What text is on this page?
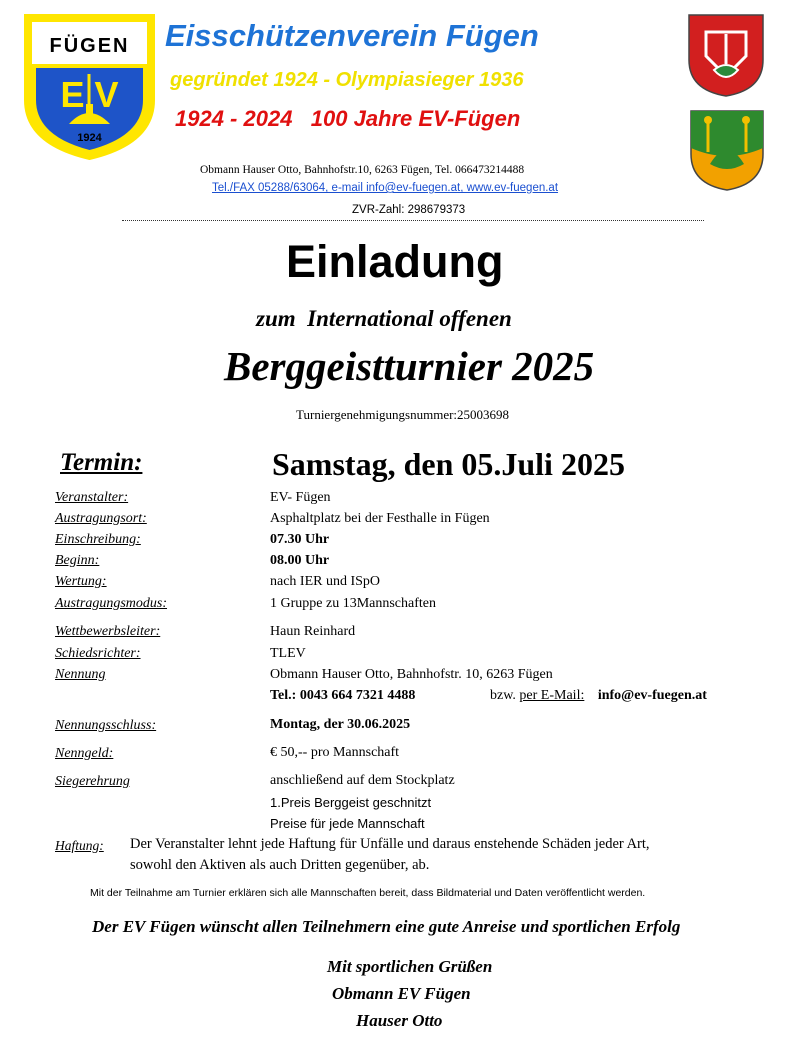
FÜGEN
E V
1924
Eisschützenverein Fügen
gegründet 1924 - Olympiasieger 1936
1924 - 2024   100 Jahre EV-Fügen
Obmann Hauser Otto, Bahnhofstr.10, 6263 Fügen, Tel. 066473214488
Tel./FAX 05288/63064, e-mail info@ev-fuegen.at, www.ev-fuegen.at
ZVR-Zahl: 298679373
Einladung
zum  International offenen
Berggeistturnier 2025
Turniergenehmigungsnummer:25003698
Termin:	Samstag, den 05.Juli 2025
Veranstalter:	EV- Fügen
Austragungsort:	Asphaltplatz bei der Festhalle in Fügen
Einschreibung:	07.30 Uhr
Beginn:	08.00 Uhr
Wertung:	nach IER und ISpO
Austragungsmodus:	1 Gruppe zu 13Mannschaften
Wettbewerbsleiter:	Haun Reinhard
Schiedsrichter:	TLEV
Nennung	Obmann Hauser Otto, Bahnhofstr. 10, 6263 Fügen
Tel.: 0043 664 7321 4488	bzw. per E-Mail: info@ev-fuegen.at
Nennungsschluss:	Montag, der 30.06.2025
Nenngeld:	€ 50,-- pro Mannschaft
Siegerehrung	anschließend auf dem Stockplatz
1.Preis Berggeist geschnitzt
Preise für jede Mannschaft
Haftung: Der Veranstalter lehnt jede Haftung für Unfälle und daraus enstehende Schäden jeder Art,
sowohl den Aktiven als auch Dritten gegenüber, ab.
Mit der Teilnahme am Turnier erklären sich alle Mannschaften bereit, dass Bildmaterial und Daten veröffentlicht werden.
Der EV Fügen wünscht allen Teilnehmern eine gute Anreise und sportlichen Erfolg
Mit sportlichen Grüßen
Obmann EV Fügen
Hauser Otto
